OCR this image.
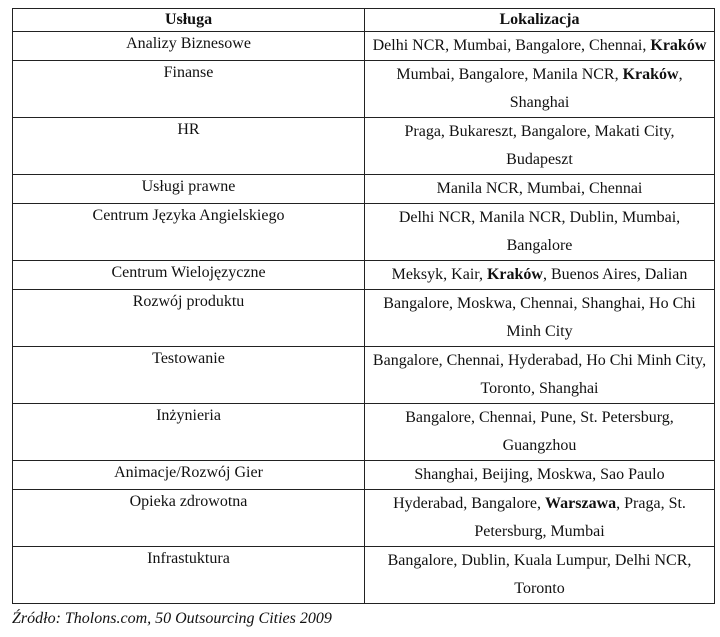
Usługa	Lokalizacja
Analizy Biznesowe	Delhi NCR, Mumbai, Bangalore, Chennai, Kraków
Finanse	Mumbai, Bangalore, Manila NCR, Kraków, Shanghai
HR	Praga, Bukareszt, Bangalore, Makati City, Budapeszt
Usługi prawne	Manila NCR, Mumbai, Chennai
Centrum Języka Angielskiego	Delhi NCR, Manila NCR, Dublin, Mumbai, Bangalore
Centrum Wielojęzyczne	Meksyk, Kair, Kraków, Buenos Aires, Dalian
Rozwój produktu	Bangalore, Moskwa, Chennai, Shanghai, Ho Chi Minh City
Testowanie	Bangalore, Chennai, Hyderabad, Ho Chi Minh City, Toronto, Shanghai
Inżynieria	Bangalore, Chennai, Pune, St. Petersburg, Guangzhou
Animacje/Rozwój Gier	Shanghai, Beijing, Moskwa, Sao Paulo
Opieka zdrowotna	Hyderabad, Bangalore, Warszawa, Praga, St. Petersburg, Mumbai
Infrastuktura	Bangalore, Dublin, Kuala Lumpur, Delhi NCR, Toronto
Źródło: Tholons.com, 50 Outsourcing Cities 2009
